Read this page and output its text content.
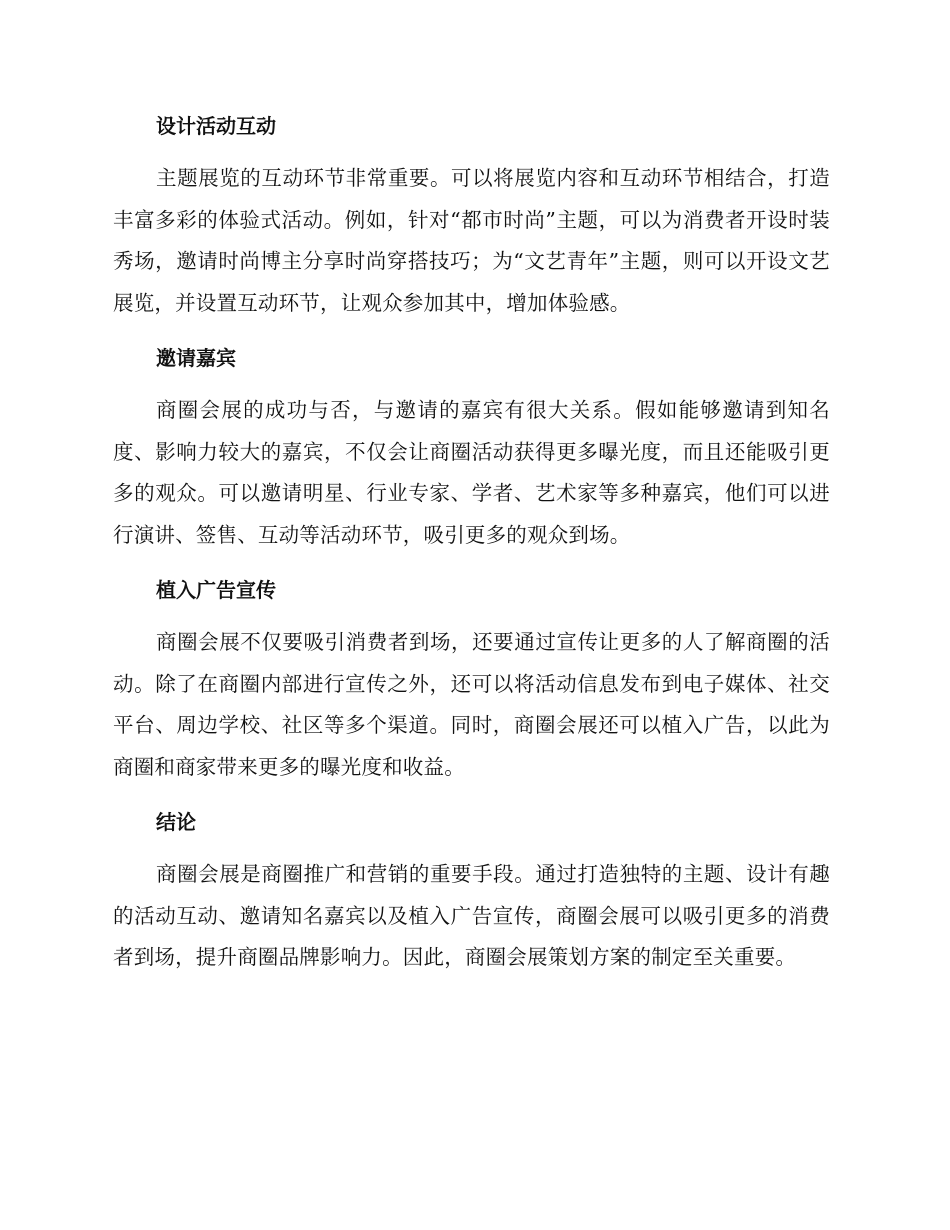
设计活动互动

主题展览的互动环节非常重要。可以将展览内容和互动环节相结合，打造丰富多彩的体验式活动。例如，针对“都市时尚”主题，可以为消费者开设时装秀场，邀请时尚博主分享时尚穿搭技巧；为“文艺青年”主题，则可以开设文艺展览，并设置互动环节，让观众参加其中，增加体验感。

邀请嘉宾

商圈会展的成功与否，与邀请的嘉宾有很大关系。假如能够邀请到知名度、影响力较大的嘉宾，不仅会让商圈活动获得更多曝光度，而且还能吸引更多的观众。可以邀请明星、行业专家、学者、艺术家等多种嘉宾，他们可以进行演讲、签售、互动等活动环节，吸引更多的观众到场。

植入广告宣传

商圈会展不仅要吸引消费者到场，还要通过宣传让更多的人了解商圈的活动。除了在商圈内部进行宣传之外，还可以将活动信息发布到电子媒体、社交平台、周边学校、社区等多个渠道。同时，商圈会展还可以植入广告，以此为商圈和商家带来更多的曝光度和收益。

结论

商圈会展是商圈推广和营销的重要手段。通过打造独特的主题、设计有趣的活动互动、邀请知名嘉宾以及植入广告宣传，商圈会展可以吸引更多的消费者到场，提升商圈品牌影响力。因此，商圈会展策划方案的制定至关重要。
